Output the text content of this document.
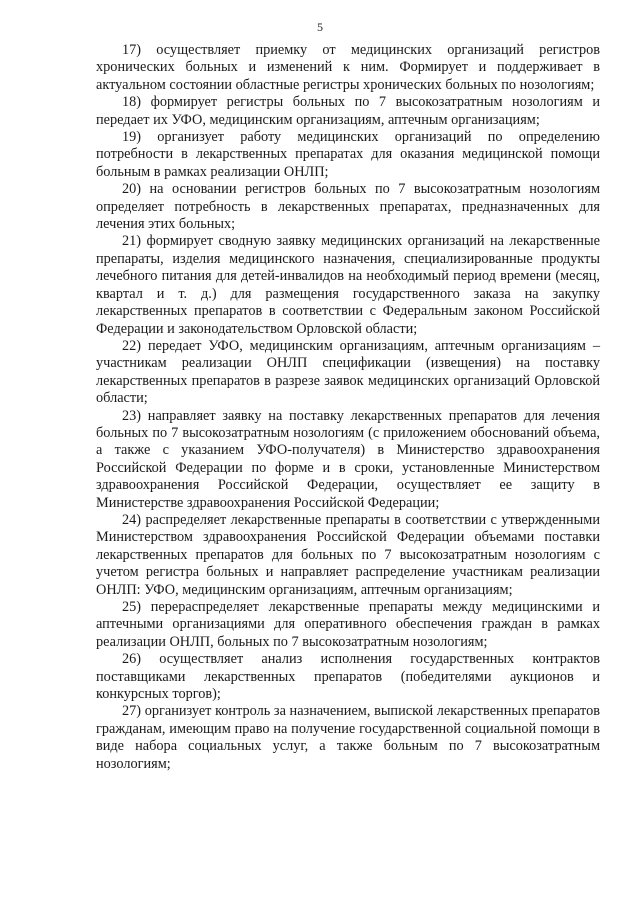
5

17) осуществляет приемку от медицинских организаций регистров хронических больных и изменений к ним. Формирует и поддерживает в актуальном состоянии областные регистры хронических больных по нозологиям;

18) формирует регистры больных по 7 высокозатратным нозологиям и передает их УФО, медицинским организациям, аптечным организациям;

19) организует работу медицинских организаций по определению потребности в лекарственных препаратах для оказания медицинской помощи больным в рамках реализации ОНЛП;

20) на основании регистров больных по 7 высокозатратным нозологиям определяет потребность в лекарственных препаратах, предназначенных для лечения этих больных;

21) формирует сводную заявку медицинских организаций на лекарственные препараты, изделия медицинского назначения, специализированные продукты лечебного питания для детей-инвалидов на необходимый период времени (месяц, квартал и т. д.) для размещения государственного заказа на закупку лекарственных препаратов в соответствии с Федеральным законом Российской Федерации и законодательством Орловской области;

22) передает УФО, медицинским организациям, аптечным организациям – участникам реализации ОНЛП спецификации (извещения) на поставку лекарственных препаратов в разрезе заявок медицинских организаций Орловской области;

23) направляет заявку на поставку лекарственных препаратов для лечения больных по 7 высокозатратным нозологиям (с приложением обоснований объема, а также с указанием УФО-получателя) в Министерство здравоохранения Российской Федерации по форме и в сроки, установленные Министерством здравоохранения Российской Федерации, осуществляет ее защиту в Министерстве здравоохранения Российской Федерации;

24) распределяет лекарственные препараты в соответствии с утвержденными Министерством здравоохранения Российской Федерации объемами поставки лекарственных препаратов для больных по 7 высокозатратным нозологиям с учетом регистра больных и направляет распределение участникам реализации ОНЛП: УФО, медицинским организациям, аптечным организациям;

25) перераспределяет лекарственные препараты между медицинскими и аптечными организациями для оперативного обеспечения граждан в рамках реализации ОНЛП, больных по 7 высокозатратным нозологиям;

26) осуществляет анализ исполнения государственных контрактов поставщиками лекарственных препаратов (победителями аукционов и конкурсных торгов);

27) организует контроль за назначением, выпиской лекарственных препаратов гражданам, имеющим право на получение государственной социальной помощи в виде набора социальных услуг, а также больным по 7 высокозатратным нозологиям;
